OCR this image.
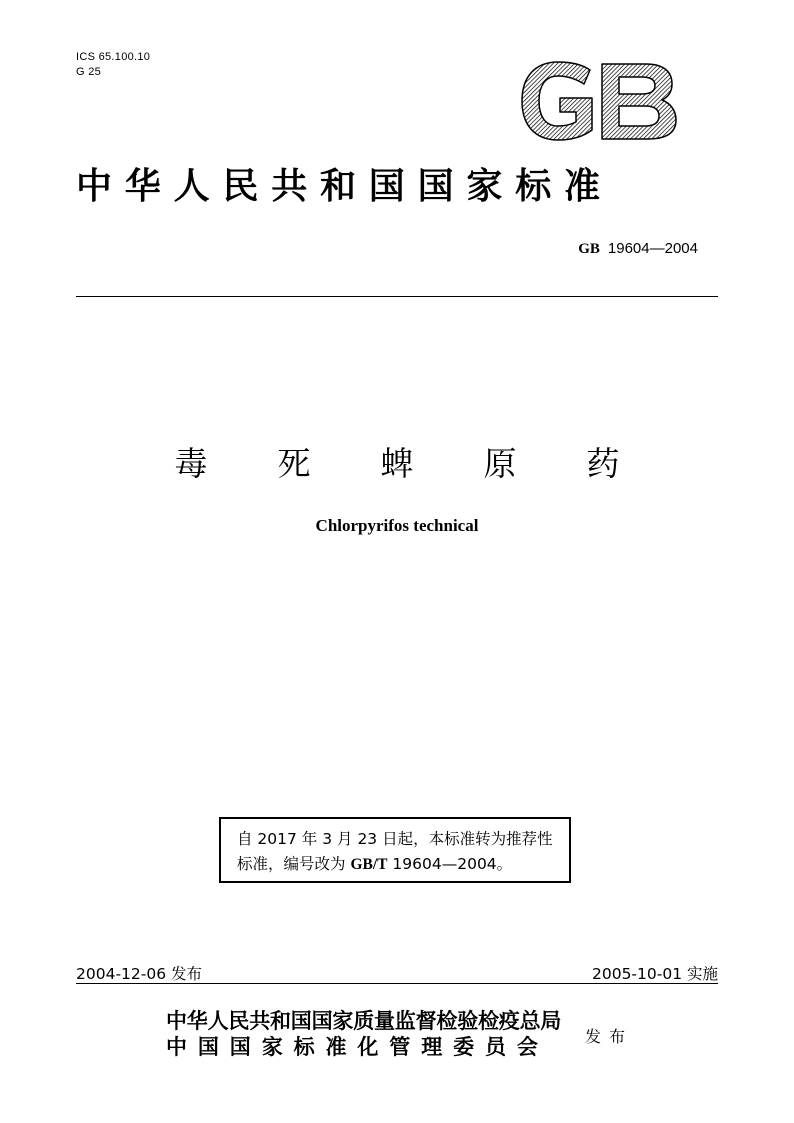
ICS 65.100.10
G 25
中华人民共和国国家标准
GB 19604—2004
毒死蜱原药
Chlorpyrifos technical
自 2017 年 3 月 23 日起，本标准转为推荐性
标准，编号改为 GB/T 19604—2004。
2004-12-06 发布	2005-10-01 实施
中华人民共和国国家质量监督检验检疫总局
中国国家标准化管理委员会	发布
